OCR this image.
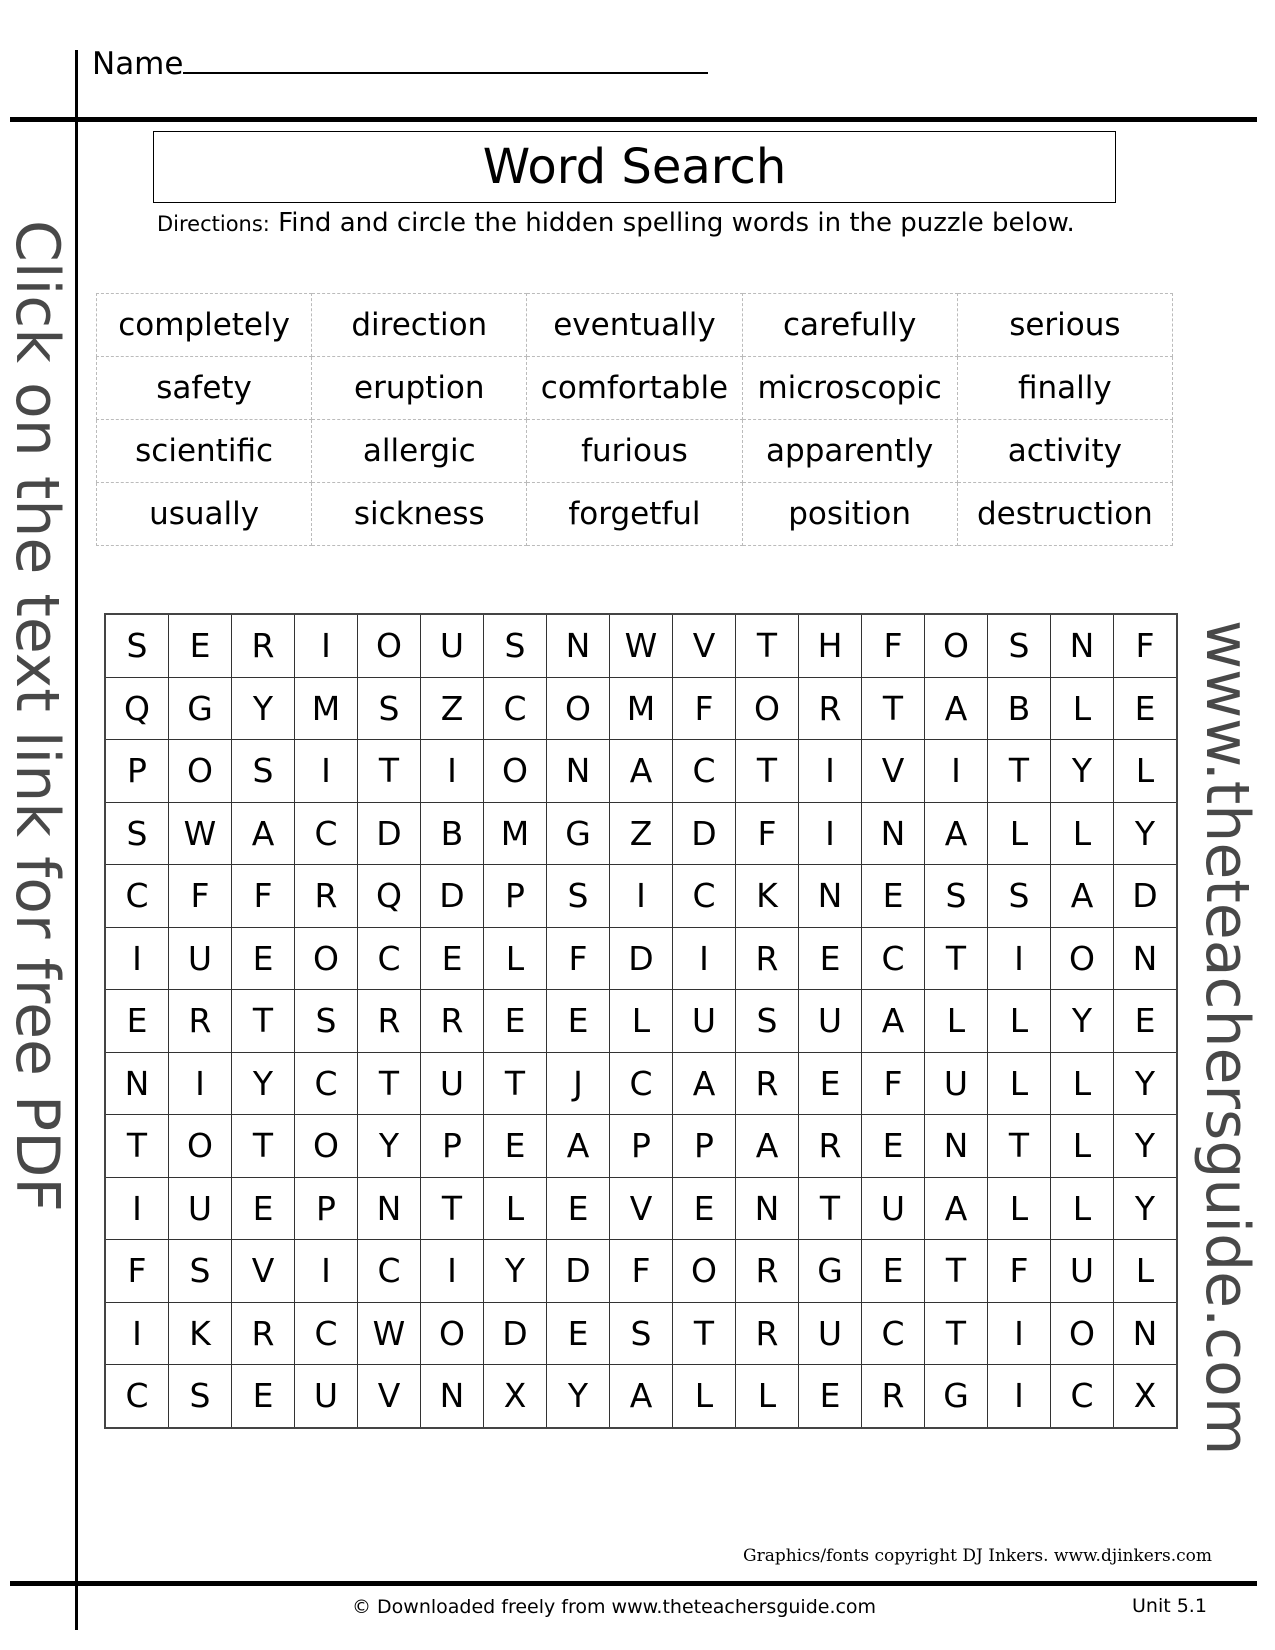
Name
Word Search
Directions: Find and circle the hidden spelling words in the puzzle below.
completely	direction	eventually	carefully	serious
safety	eruption	comfortable	microscopic	finally
scientific	allergic	furious	apparently	activity
usually	sickness	forgetful	position	destruction
S	E	R	I	O	U	S	N	W	V	T	H	F	O	S	N	F
Q	G	Y	M	S	Z	C	O	M	F	O	R	T	A	B	L	E
P	O	S	I	T	I	O	N	A	C	T	I	V	I	T	Y	L
S	W	A	C	D	B	M	G	Z	D	F	I	N	A	L	L	Y
C	F	F	R	Q	D	P	S	I	C	K	N	E	S	S	A	D
I	U	E	O	C	E	L	F	D	I	R	E	C	T	I	O	N
E	R	T	S	R	R	E	E	L	U	S	U	A	L	L	Y	E
N	I	Y	C	T	U	T	J	C	A	R	E	F	U	L	L	Y
T	O	T	O	Y	P	E	A	P	P	A	R	E	N	T	L	Y
I	U	E	P	N	T	L	E	V	E	N	T	U	A	L	L	Y
F	S	V	I	C	I	Y	D	F	O	R	G	E	T	F	U	L
I	K	R	C	W	O	D	E	S	T	R	U	C	T	I	O	N
C	S	E	U	V	N	X	Y	A	L	L	E	R	G	I	C	X
Click on the text link for free PDF	www.theteachersguide.com
Graphics/fonts copyright DJ Inkers. www.djinkers.com
© Downloaded freely from www.theteachersguide.com	Unit 5.1
